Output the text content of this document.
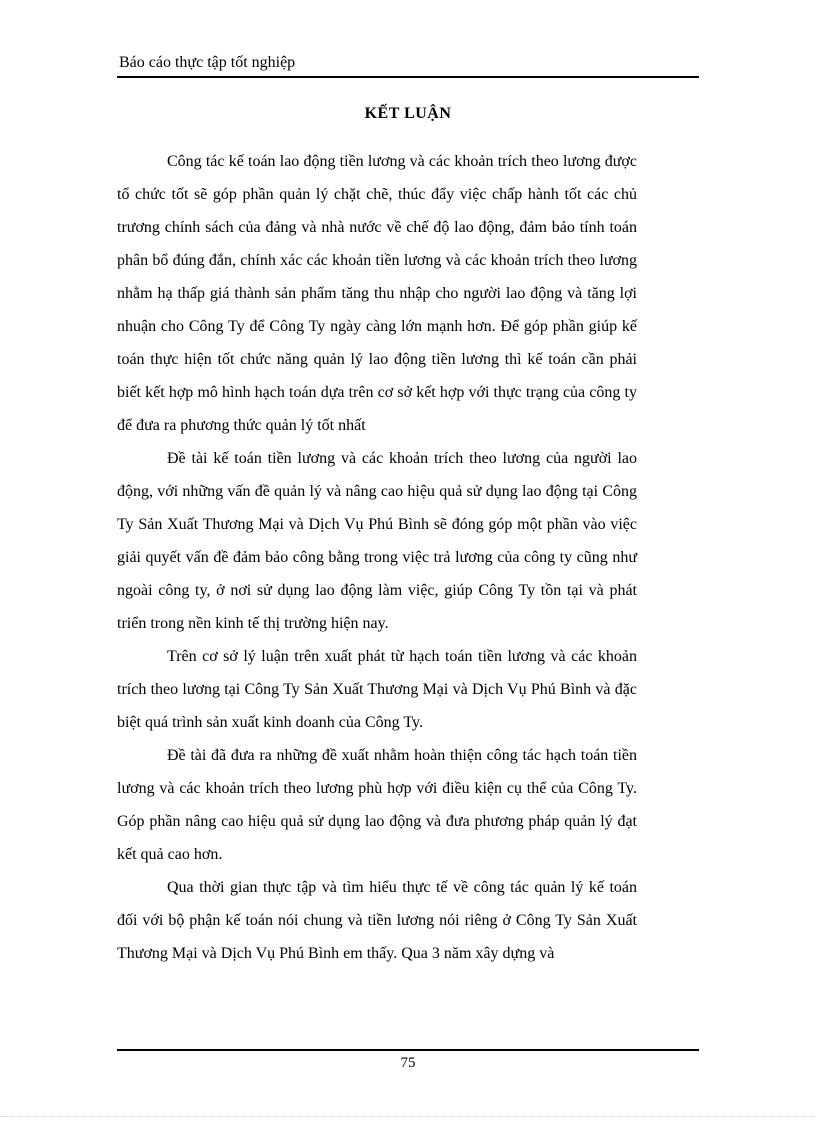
Báo cáo thực tập tốt nghiệp
KẾT LUẬN

Công tác kế toán lao động tiền lương và các khoản trích theo lương được tổ chức tốt sẽ góp phần quản lý chặt chẽ, thúc đẩy việc chấp hành tốt các chủ trương chính sách của đảng và nhà nước về chế độ lao động, đảm bảo tính toán phân bổ đúng đắn, chính xác các khoản tiền lương và các khoản trích theo lương nhằm hạ thấp giá thành sản phẩm tăng thu nhập cho người lao động và tăng lợi nhuận cho Công Ty để Công Ty ngày càng lớn mạnh hơn. Để góp phần giúp kế toán thực hiện tốt chức năng quản lý lao động tiền lương thì kế toán cần phải biết kết hợp mô hình hạch toán dựa trên cơ sở kết hợp với thực trạng của công ty để đưa ra phương thức quản lý tốt nhất

Đề tài kế toán tiền lương và các khoản trích theo lương của người lao động, với những vấn đề quản lý và nâng cao hiệu quả sử dụng lao động tại Công Ty Sản Xuất Thương Mại và Dịch Vụ Phú Bình sẽ đóng góp một phần vào việc giải quyết vấn đề đảm bảo công bằng trong việc trả lương của công ty cũng như ngoài công ty, ở nơi sử dụng lao động làm việc, giúp Công Ty tồn tại và phát triển trong nền kinh tế thị trường hiện nay.

Trên cơ sở lý luận trên xuất phát từ hạch toán tiền lương và các khoản trích theo lương tại Công Ty Sản Xuất Thương Mại và Dịch Vụ Phú Bình và đặc biệt quá trình sản xuất kinh doanh của Công Ty.

Đề tài đã đưa ra những đề xuất nhằm hoàn thiện công tác hạch toán tiền lương và các khoản trích theo lương phù hợp với điều kiện cụ thể của Công Ty. Góp phần nâng cao hiệu quả sử dụng lao động và đưa phương pháp quản lý đạt kết quả cao hơn.

Qua thời gian thực tập và tìm hiểu thực tế về công tác quản lý kế toán đối với bộ phận kế toán nói chung và tiền lương nói riêng ở Công Ty Sản Xuất Thương Mại và Dịch Vụ Phú Bình em thấy. Qua 3 năm xây dựng và

75
